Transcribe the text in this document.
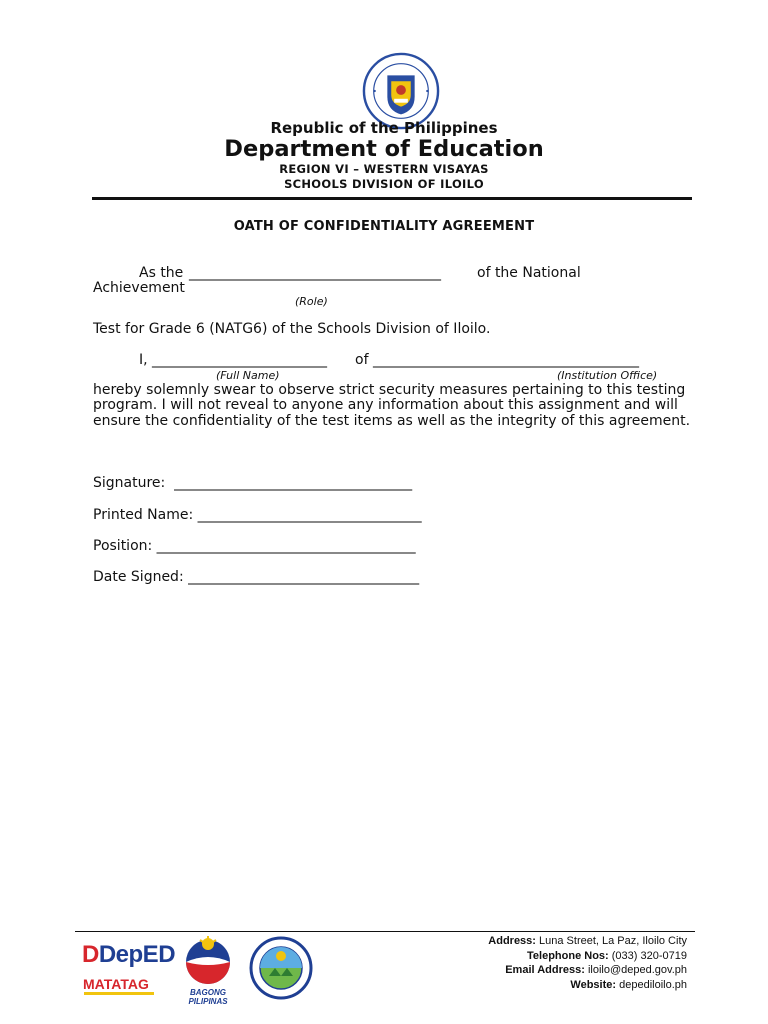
Republic of the Philippines
Department of Education
REGION VI – WESTERN VISAYAS
SCHOOLS DIVISION OF ILOILO
OATH OF CONFIDENTIALITY AGREEMENT
As the ____________________________________	of the National
Achievement
(Role)
Test for Grade 6 (NATG6) of the Schools Division of Iloilo.
I, _________________________ of ______________________________________
(Full Name)	(Institution Office)
hereby solemnly swear to observe strict security measures pertaining to this testing program. I will not reveal to anyone any information about this assignment and will ensure the confidentiality of the test items as well as the integrity of this agreement.
Signature:  __________________________________
Printed Name: ________________________________
Position: _____________________________________
Date Signed: _________________________________
DDepED
MATATAG
BAGONG PILIPINAS
Address: Luna Street, La Paz, Iloilo City
Telephone Nos: (033) 320-0719
Email Address: iloilo@deped.gov.ph
Website: depediloilo.ph
